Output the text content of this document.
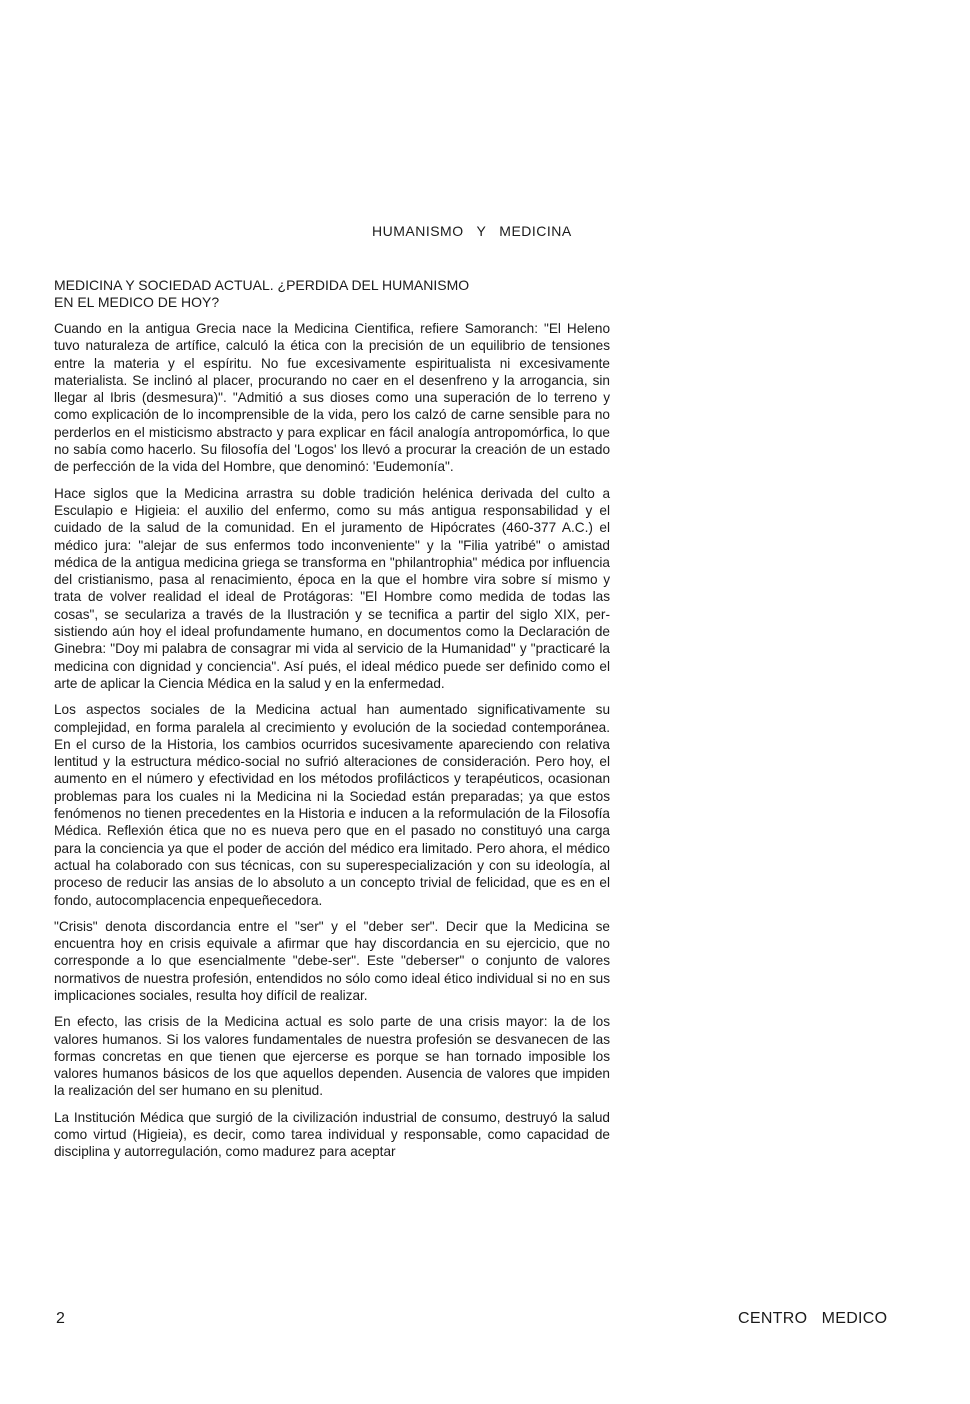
HUMANISMO   Y   MEDICINA
MEDICINA Y SOCIEDAD ACTUAL. ¿PERDIDA DEL HUMANISMO
EN EL MEDICO DE HOY?

Cuando en la antigua Grecia nace la Medicina Cientifica, refiere Samoranch: "El Heleno tuvo naturaleza de artífice, calculó la ética con la precisión de un equilibrio de tensiones entre la materia y el espíritu. No fue excesivamente espiritualista ni excesivamente materialista. Se inclinó al placer, procurando no caer en el desenfreno y la arrogancia, sin llegar al Ibris (desmesura)". "Admitió a sus dioses como una superación de lo terreno y como explicación de lo incomprensible de la vida, pero los calzó de carne sensible para no perderlos en el misticismo abstracto y para explicar en fácil analogía antropomórfica, lo que no sabía como hacerlo. Su filosofía del 'Logos' los llevó a procurar la creación de un estado de perfección de la vida del Hombre, que denominó: 'Eudemonía".

Hace siglos que la Medicina arrastra su doble tradición helénica derivada del culto a Esculapio e Higieia: el auxilio del enfermo, como su más antigua responsabilidad y el cuidado de la salud de la comunidad. En el juramento de Hipócrates (460-377 A.C.) el médico jura: "alejar de sus enfermos todo inconveniente" y la "Filia yatribé" o amistad médica de la antigua medicina griega se transforma en "philantrophia" médica por influencia del cristianismo, pasa al renacimiento, época en la que el hombre vira sobre sí mismo y trata de volver realidad el ideal de Protágoras: "El Hombre como medida de todas las cosas", se seculariza a través de la Ilustración y se tecnifica a partir del siglo XIX, persistiendo aún hoy el ideal profundamente humano, en documentos como la Declaración de Ginebra: "Doy mi palabra de consagrar mi vida al servicio de la Humanidad" y "practicaré la medicina con dignidad y conciencia". Así pués, el ideal médico puede ser definido como el arte de aplicar la Ciencia Médica en la salud y en la enfermedad.

Los aspectos sociales de la Medicina actual han aumentado significativamente su complejidad, en forma paralela al crecimiento y evolución de la sociedad contemporánea. En el curso de la Historia, los cambios ocurridos sucesivamente apareciendo con relativa lentitud y la estructura médico-social no sufrió alteraciones de consideración. Pero hoy, el aumento en el número y efectividad en los métodos profilácticos y terapéuticos, ocasionan problemas para los cuales ni la Medicina ni la Sociedad están preparadas; ya que estos fenómenos no tienen precedentes en la Historia e inducen a la reformulación de la Filosofía Médica. Reflexión ética que no es nueva pero que en el pasado no constituyó una carga para la conciencia ya que el poder de acción del médico era limitado. Pero ahora, el médico actual ha colaborado con sus técnicas, con su superespecialización y con su ideología, al proceso de reducir las ansias de lo absoluto a un concepto trivial de felicidad, que es en el fondo, autocomplacencia enpequeñecedora.

"Crisis" denota discordancia entre el "ser" y el "deber ser". Decir que la Medicina se encuentra hoy en crisis equivale a afirmar que hay discordancia en su ejercicio, que no corresponde a lo que esencialmente "debe-ser". Este "deberser" o conjunto de valores normativos de nuestra profesión, entendidos no sólo como ideal ético individual si no en sus implicaciones sociales, resulta hoy difícil de realizar.

En efecto, las crisis de la Medicina actual es solo parte de una crisis mayor: la de los valores humanos. Si los valores fundamentales de nuestra profesión se desvanecen de las formas concretas en que tienen que ejercerse es porque se han tornado imposible los valores humanos básicos de los que aquellos dependen. Ausencia de valores que impiden la realización del ser humano en su plenitud.

La Institución Médica que surgió de la civilización industrial de consumo, destruyó la salud como virtud (Higieia), es decir, como tarea individual y responsable, como capacidad de disciplina y autorregulación, como madurez para aceptar

2	CENTRO   MEDICO
